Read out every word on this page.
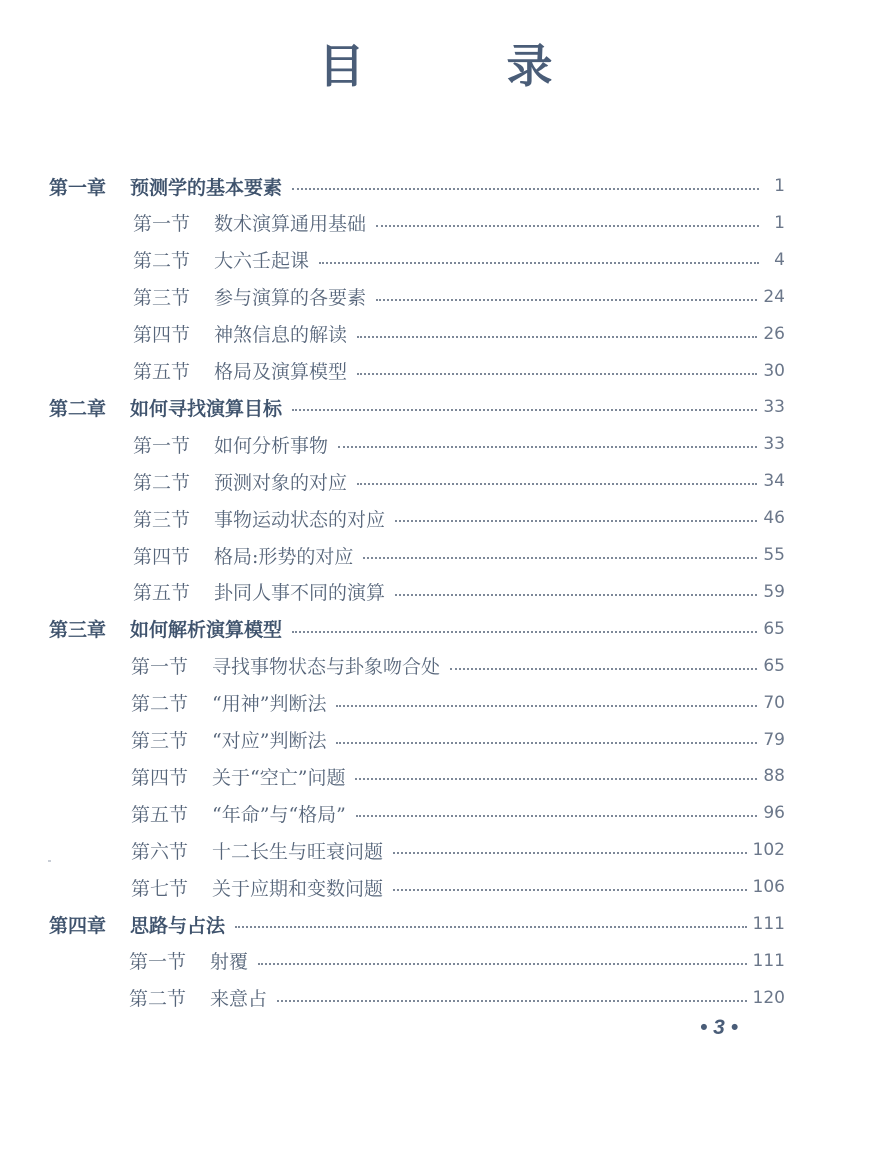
目　录
第一章 预测学的基本要素	1
第一节 数术演算通用基础	1
第二节 大六壬起课	4
第三节 参与演算的各要素	24
第四节 神煞信息的解读	26
第五节 格局及演算模型	30
第二章 如何寻找演算目标	33
第一节 如何分析事物	33
第二节 预测对象的对应	34
第三节 事物运动状态的对应	46
第四节 格局:形势的对应	55
第五节 卦同人事不同的演算	59
第三章 如何解析演算模型	65
第一节 寻找事物状态与卦象吻合处	65
第二节 “用神”判断法	70
第三节 “对应”判断法	79
第四节 关于“空亡”问题	88
第五节 “年命”与“格局”	96
第六节 十二长生与旺衰问题	102
第七节 关于应期和变数问题	106
第四章 思路与占法	111
第一节 射覆	111
第二节 来意占	120
• 3 •
